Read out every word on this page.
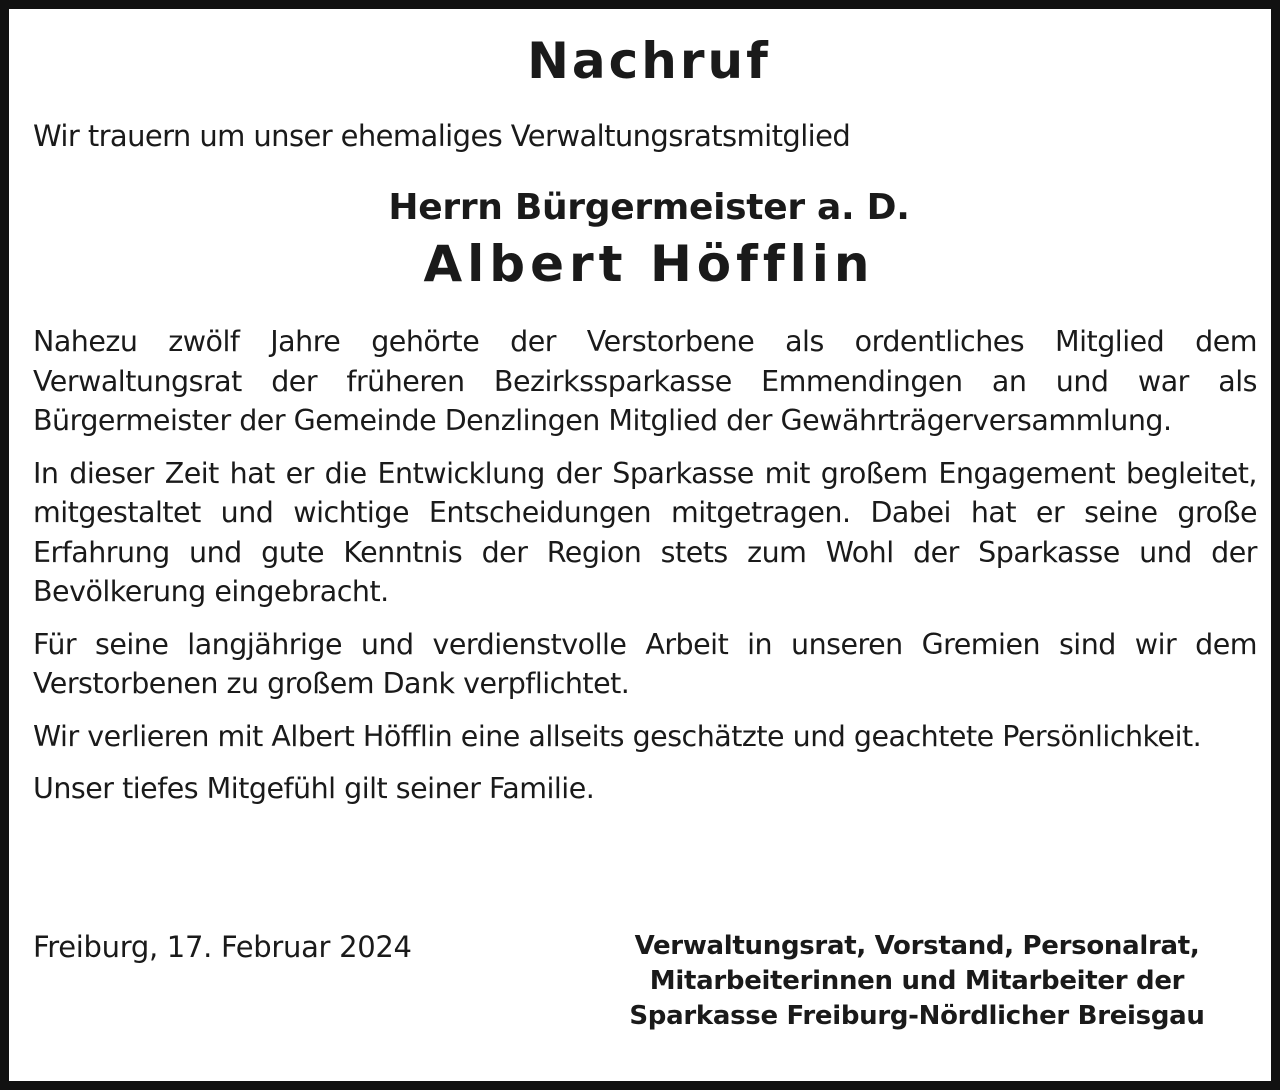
Nachruf
Wir trauern um unser ehemaliges Verwaltungsratsmitglied
Herrn Bürgermeister a. D.
Albert Höfflin

Nahezu zwölf Jahre gehörte der Verstorbene als ordentliches Mitglied dem Verwaltungsrat der früheren Bezirkssparkasse Emmendingen an und war als Bürgermeister der Gemeinde Denzlingen Mitglied der Gewährträgerversammlung.

In dieser Zeit hat er die Entwicklung der Sparkasse mit großem Engagement begleitet, mitgestaltet und wichtige Entscheidungen mitgetragen. Dabei hat er seine große Erfahrung und gute Kenntnis der Region stets zum Wohl der Sparkasse und der Bevölkerung eingebracht.

Für seine langjährige und verdienstvolle Arbeit in unseren Gremien sind wir dem Verstorbenen zu großem Dank verpflichtet.

Wir verlieren mit Albert Höfflin eine allseits geschätzte und geachtete Persönlichkeit.

Unser tiefes Mitgefühl gilt seiner Familie.

Freiburg, 17. Februar 2024	Verwaltungsrat, Vorstand, Personalrat,
Mitarbeiterinnen und Mitarbeiter der
Sparkasse Freiburg-Nördlicher Breisgau
